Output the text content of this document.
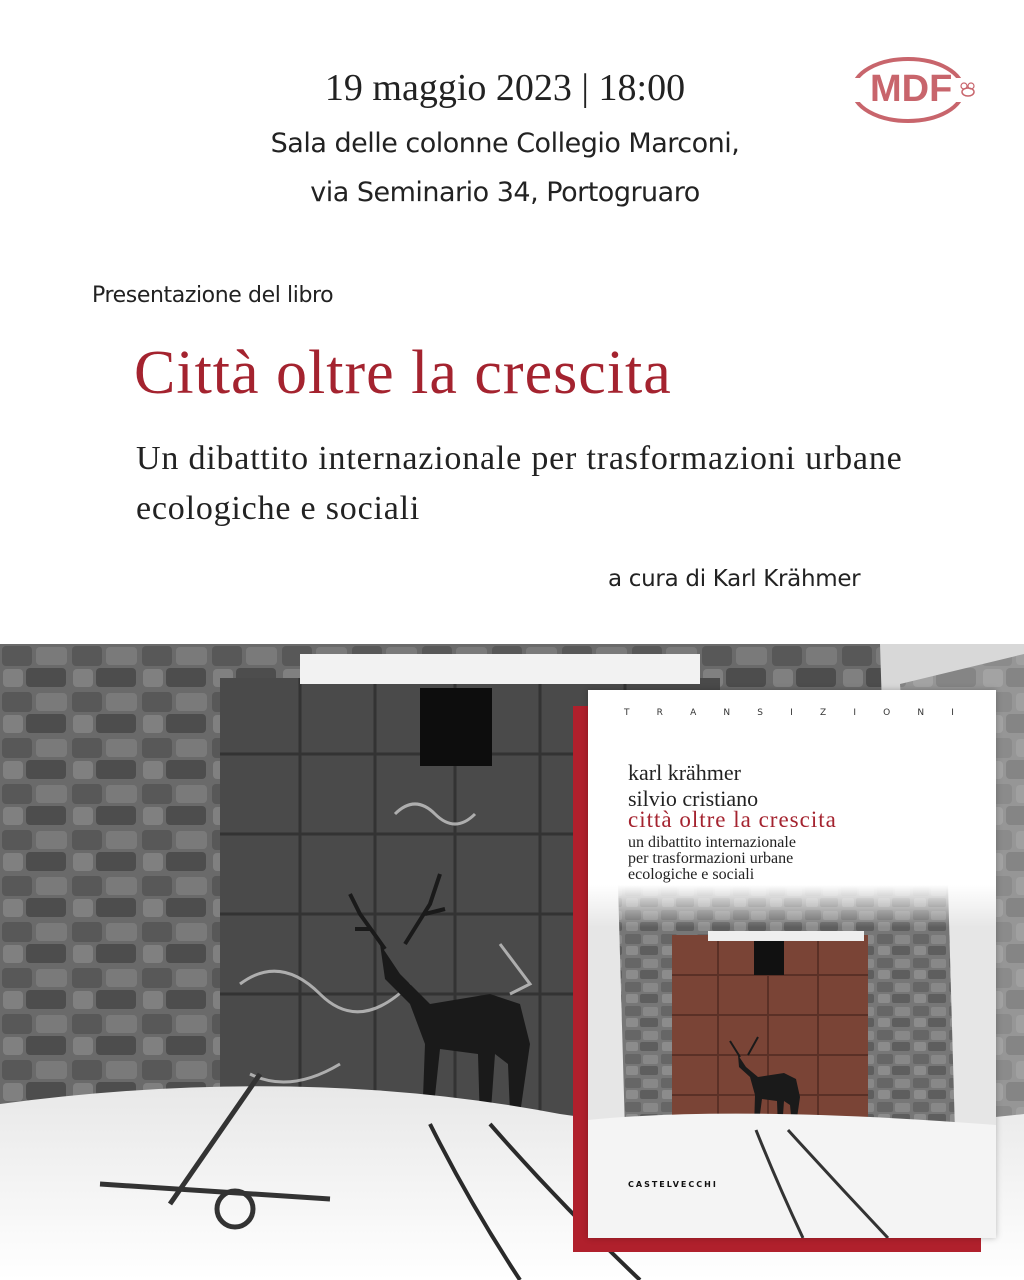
19 maggio 2023 | 18:00
Sala delle colonne Collegio Marconi,
via Seminario 34, Portogruaro
MDF
Presentazione del libro
Città oltre la crescita
Un dibattito internazionale per trasformazioni urbane ecologiche e sociali
a cura di Karl Krähmer
T	R	A	N	S	I	Z	I	O	N	I
karl krähmer
silvio cristiano
città oltre la crescita
un dibattito internazionale
per trasformazioni urbane
ecologiche e sociali
CASTELVECCHI
